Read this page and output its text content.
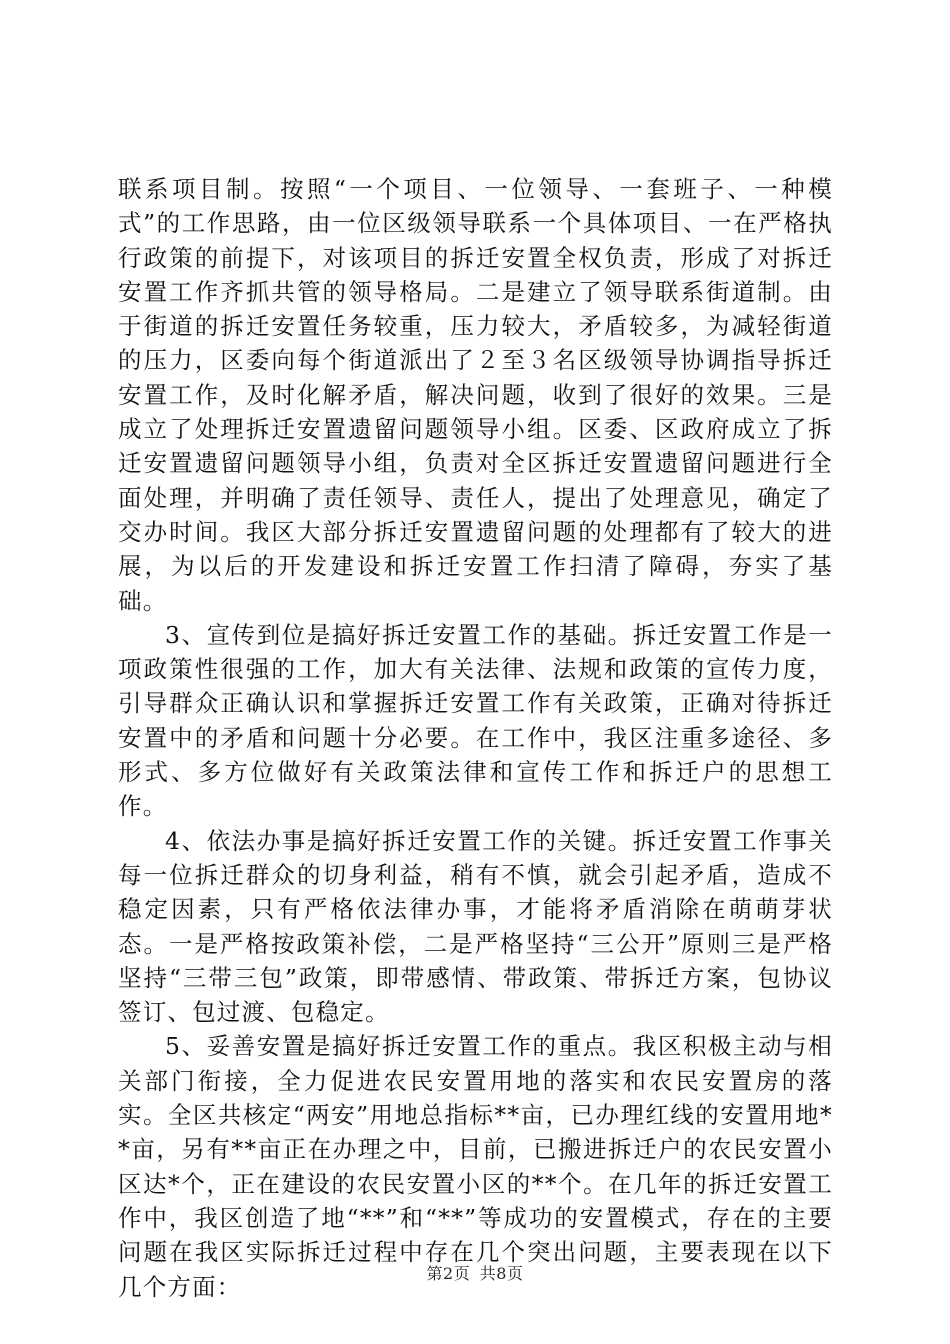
联系项目制。按照“一个项目、一位领导、一套班子、一种模式”的工作思路，由一位区级领导联系一个具体项目、一在严格执行政策的前提下，对该项目的拆迁安置全权负责，形成了对拆迁安置工作齐抓共管的领导格局。二是建立了领导联系街道制。由于街道的拆迁安置任务较重，压力较大，矛盾较多，为减轻街道的压力，区委向每个街道派出了２至３名区级领导协调指导拆迁安置工作，及时化解矛盾，解决问题，收到了很好的效果。三是成立了处理拆迁安置遗留问题领导小组。区委、区政府成立了拆迁安置遗留问题领导小组，负责对全区拆迁安置遗留问题进行全面处理，并明确了责任领导、责任人，提出了处理意见，确定了交办时间。我区大部分拆迁安置遗留问题的处理都有了较大的进展，为以后的开发建设和拆迁安置工作扫清了障碍，夯实了基础。

3、宣传到位是搞好拆迁安置工作的基础。拆迁安置工作是一项政策性很强的工作，加大有关法律、法规和政策的宣传力度，引导群众正确认识和掌握拆迁安置工作有关政策，正确对待拆迁安置中的矛盾和问题十分必要。在工作中，我区注重多途径、多形式、多方位做好有关政策法律和宣传工作和拆迁户的思想工作。

4、依法办事是搞好拆迁安置工作的关键。拆迁安置工作事关每一位拆迁群众的切身利益，稍有不慎，就会引起矛盾，造成不稳定因素，只有严格依法律办事，才能将矛盾消除在萌萌芽状态。一是严格按政策补偿，二是严格坚持“三公开”原则三是严格坚持“三带三包”政策，即带感情、带政策、带拆迁方案，包协议签订、包过渡、包稳定。

5、妥善安置是搞好拆迁安置工作的重点。我区积极主动与相关部门衔接，全力促进农民安置用地的落实和农民安置房的落实。全区共核定“两安”用地总指标**亩，已办理红线的安置用地**亩，另有**亩正在办理之中，目前，已搬进拆迁户的农民安置小区达*个，正在建设的农民安置小区的**个。在几年的拆迁安置工作中，我区创造了地“**”和“**”等成功的安置模式，存在的主要问题在我区实际拆迁过程中存在几个突出问题，主要表现在以下几个方面：	第2页 共8页
